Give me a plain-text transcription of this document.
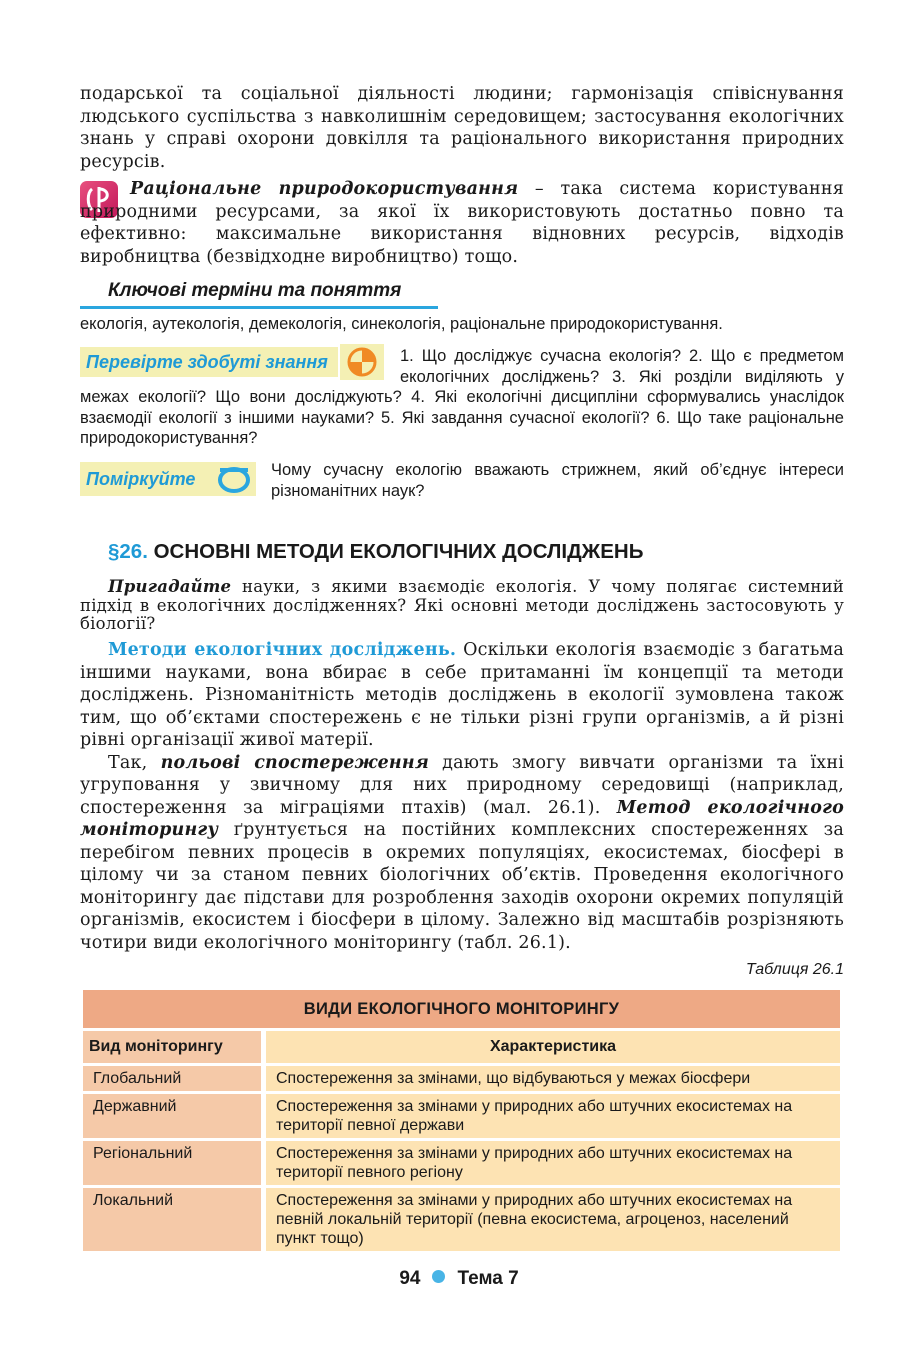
подарської та соціальної діяльності людини; гармонізація співіснування людського суспільства з навколишнім середовищем; застосування екологічних знань у справі охорони довкілля та раціонального використання природних ресурсів.

Раціональне природокористування – така система користування природними ресурсами, за якої їх використовують достатньо повно та ефективно: максимальне використання відновних ресурсів, відходів виробництва (безвідходне виробництво) тощо.

Ключові терміни та поняття
екологія, аутекологія, демекологія, синекологія, раціональне природокористування.
Перевірте здобуті знання	1. Що досліджує сучасна екологія? 2. Що є предметом екологічних досліджень? 3. Які розділи виділяють у межах екології? Що вони досліджують? 4. Які екологічні дисципліни сформувались унаслідок взаємодії екології з іншими науками? 5. Які завдання сучасної екології? 6. Що таке раціональне природокористування?
Поміркуйте	Чому сучасну екологію вважають стрижнем, який об’єднує інтереси різноманітних наук?
§26. ОСНОВНІ МЕТОДИ ЕКОЛОГІЧНИХ ДОСЛІДЖЕНЬ

Пригадайте науки, з якими взаємодіє екологія. У чому полягає системний підхід в екологічних дослідженнях? Які основні методи досліджень застосовують у біології?

Методи екологічних досліджень. Оскільки екологія взаємодіє з багатьма іншими науками, вона вбирає в себе притаманні їм концепції та методи досліджень. Різноманітність методів досліджень в екології зумовлена також тим, що об’єктами спостережень є не тільки різні групи організмів, а й різні рівні організації живої матерії.

Так, польові спостереження дають змогу вивчати організми та їхні угруповання у звичному для них природному середовищі (наприклад, спостереження за міграціями птахів) (мал. 26.1). Метод екологічного моніторингу ґрунтується на постійних комплексних спостереженнях за перебігом певних процесів в окремих популяціях, екосистемах, біосфері в цілому чи за станом певних біологічних об’єктів. Проведення екологічного моніторингу дає підстави для розроблення заходів охорони окремих популяцій організмів, екосистем і біосфери в цілому. Залежно від масштабів розрізняють чотири види екологічного моніторингу (табл. 26.1).

Таблиця 26.1
ВИДИ ЕКОЛОГІЧНОГО МОНІТОРИНГУ	
Вид моніторингу	Характеристика
Глобальний	Спостереження за змінами, що відбуваються у межах біосфери
Державний	Спостереження за змінами у природних або штучних екосистемах на території певної держави
Регіональний	Спостереження за змінами у природних або штучних екосистемах на території певного регіону
Локальний	Спостереження за змінами у природних або штучних екосистемах на певній локальній території (певна екосистема, агроценоз, населений пункт тощо)
94 Тема 7
